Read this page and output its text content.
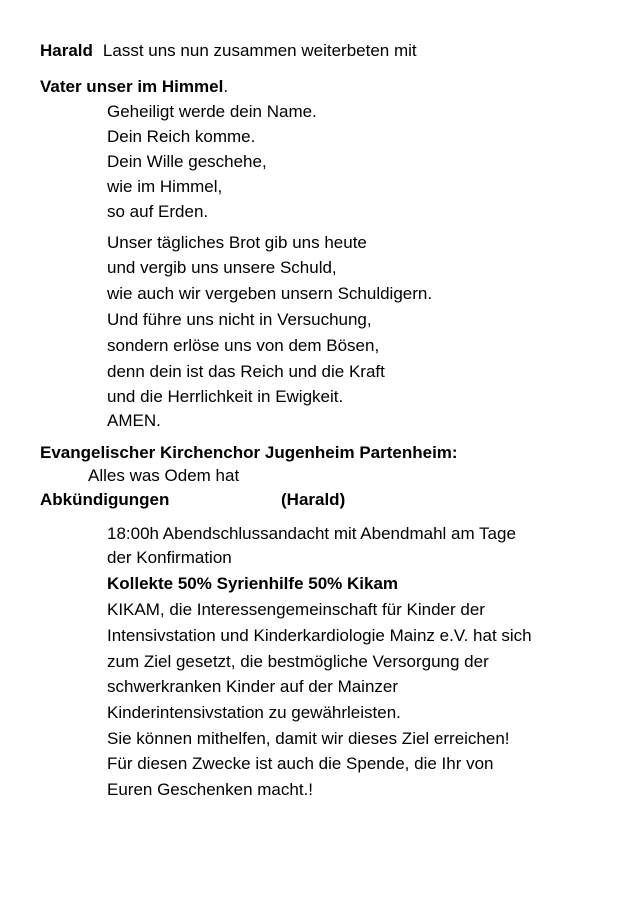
Harald Lasst uns nun zusammen weiterbeten mit
Vater unser im Himmel.
Geheiligt werde dein Name.
Dein Reich komme.
Dein Wille geschehe,
wie im Himmel,
so auf Erden.
Unser tägliches Brot gib uns heute
und vergib uns unsere Schuld,
wie auch wir vergeben unsern Schuldigern.
Und führe uns nicht in Versuchung,
sondern erlöse uns von dem Bösen,
denn dein ist das Reich und die Kraft
und die Herrlichkeit in Ewigkeit.
AMEN.
Evangelischer Kirchenchor Jugenheim Partenheim:
Alles was Odem hat
Abkündigungen	(Harald)
18:00h Abendschlussandacht mit Abendmahl am Tage
der Konfirmation
Kollekte 50% Syrienhilfe 50% Kikam
KIKAM, die Interessengemeinschaft für Kinder der
Intensivstation und Kinderkardiologie Mainz e.V. hat sich
zum Ziel gesetzt, die bestmögliche Versorgung der
schwerkranken Kinder auf der Mainzer
Kinderintensivstation zu gewährleisten.
Sie können mithelfen, damit wir dieses Ziel erreichen!
Für diesen Zwecke ist auch die Spende, die Ihr von
Euren Geschenken macht.!
